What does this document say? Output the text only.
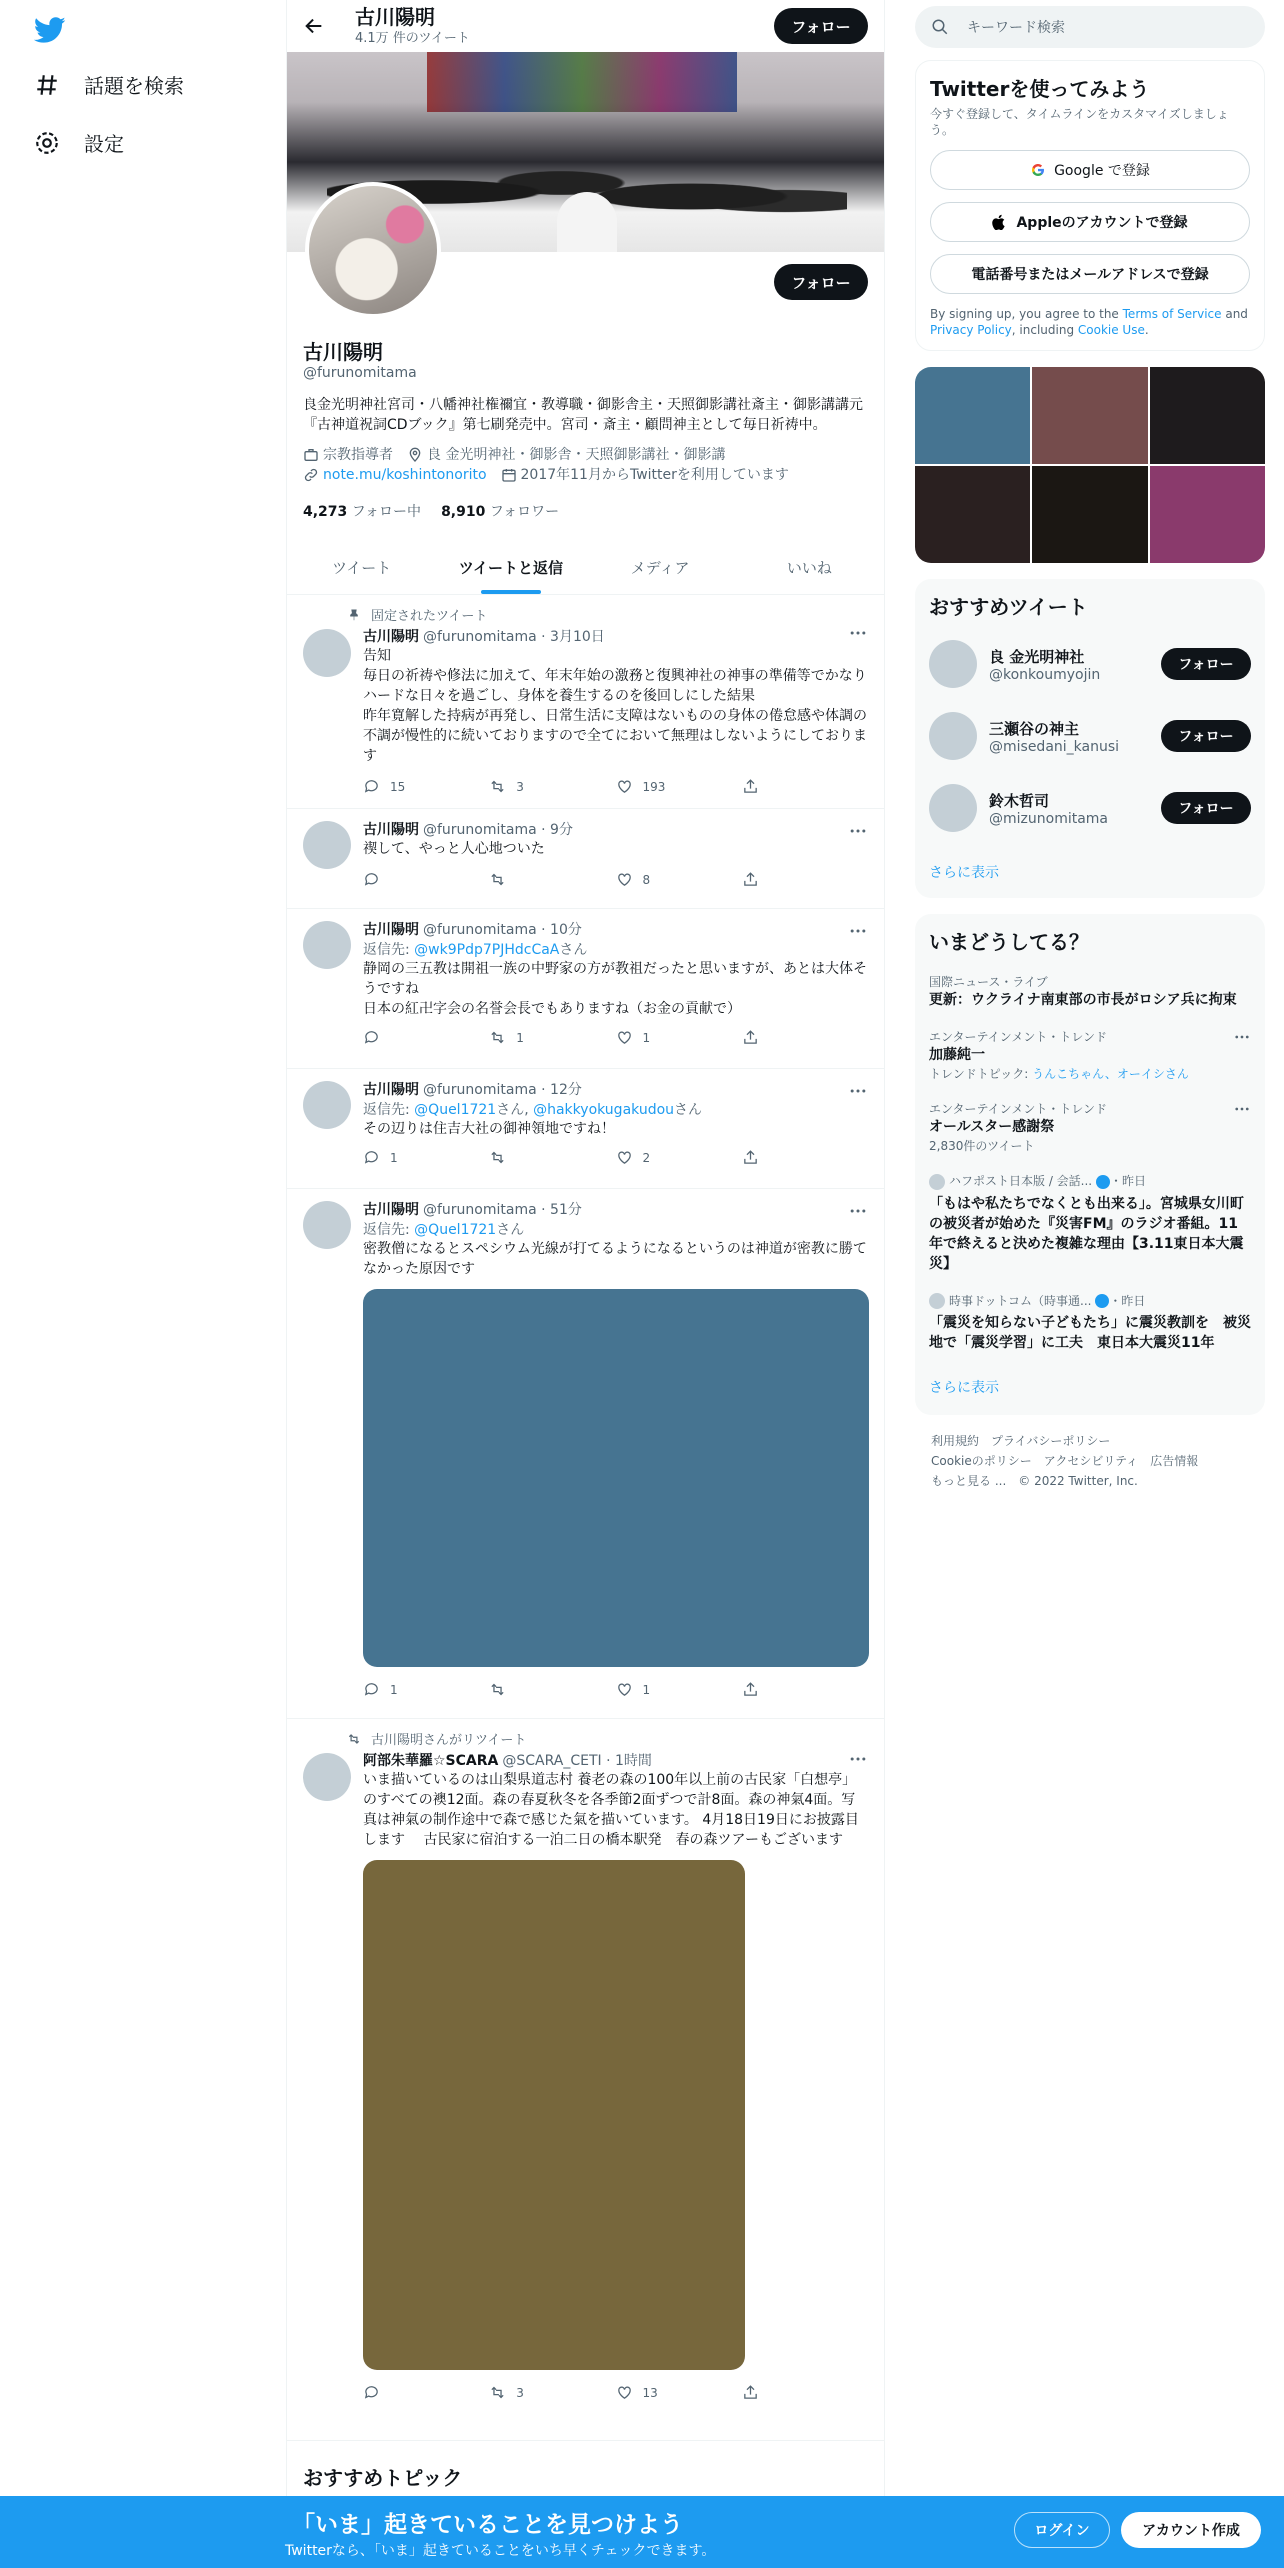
話題を検索
設定
古川陽明
4.1万 件のツイート
フォロー
フォロー
古川陽明
@furunomitama
良金光明神社宮司・八幡神社権禰宜・教導職・御影舎主・天照御影講社斎主・御影講講元『古神道祝詞CDブック』第七刷発売中。宮司・斎主・顧問神主として毎日祈祷中。
宗教指導者 良 金光明神社・御影舎・天照御影講社・御影講
note.mu/koshintonorito 2017年11月からTwitterを利用しています
4,273 フォロー中 8,910 フォロワー
ツイート	ツイートと返信	メディア	いいね
固定されたツイート
古川陽明 @furunomitama · 3月10日
告知
毎日の祈祷や修法に加えて、年末年始の激務と復興神社の神事の準備等でかなりハードな日々を過ごし、身体を養生するのを後回しにした結果
昨年寛解した持病が再発し、日常生活に支障はないものの身体の倦怠感や体調の不調が慢性的に続いておりますので全てにおいて無理はしないようにしております
15	3	193
古川陽明 @furunomitama · 9分
禊して、やっと人心地ついた
8
古川陽明 @furunomitama · 10分
返信先: @wk9Pdp7PJHdcCaAさん
静岡の三五教は開祖一族の中野家の方が教祖だったと思いますが、あとは大体そうですね
日本の紅卍字会の名誉会長でもありますね（お金の貢献で）
1	1
古川陽明 @furunomitama · 12分
返信先: @Quel1721さん, @hakkyokugakudouさん
その辺りは住吉大社の御神領地ですね！
1	2
古川陽明 @furunomitama · 51分
返信先: @Quel1721さん
密教僧になるとスペシウム光線が打てるようになるというのは神道が密教に勝てなかった原因です
1	1
古川陽明さんがリツイート
阿部朱華羅☆SCARA @SCARA_CETI · 1時間
いま描いているのは山梨県道志村 養老の森の100年以上前の古民家「白想亭」のすべての襖12面。森の春夏秋冬を各季節2面ずつで計8面。森の神氣4面。写真は神氣の制作途中で森で感じた氣を描いています。 4月18日19日にお披露目します　 古民家に宿泊する一泊二日の橋本駅発　春の森ツアーもございます
3	13
おすすめトピック
キーワード検索
Twitterを使ってみよう
今すぐ登録して、タイムラインをカスタマイズしましょう。
Google で登録
Appleのアカウントで登録
電話番号またはメールアドレスで登録
By signing up, you agree to the Terms of Service and Privacy Policy, including Cookie Use.
おすすめツイート
良 金光明神社
@konkoumyojin
フォロー
三瀬谷の神主
@misedani_kanusi
フォロー
鈴木哲司
@mizunomitama
フォロー
さらに表示
いまどうしてる？
国際ニュース・ライブ
更新：ウクライナ南東部の市長がロシア兵に拘束
エンターテインメント・トレンド
加藤純一
トレンドトピック: うんこちゃん、オーイシさん
エンターテインメント・トレンド
オールスター感謝祭
2,830件のツイート
ハフポスト日本版 / 会話... ・昨日
「もはや私たちでなくとも出来る」。宮城県女川町の被災者が始めた『災害FM』のラジオ番組。11年で終えると決めた複雑な理由【3.11東日本大震災】
時事ドットコム（時事通... ・昨日
「震災を知らない子どもたち」に震災教訓を　被災地で「震災学習」に工夫　東日本大震災11年
さらに表示
利用規約 プライバシーポリシー
Cookieのポリシー アクセシビリティ 広告情報
もっと見る ... © 2022 Twitter, Inc.
「いま」起きていることを見つけよう
Twitterなら、「いま」起きていることをいち早くチェックできます。
ログイン	アカウント作成
